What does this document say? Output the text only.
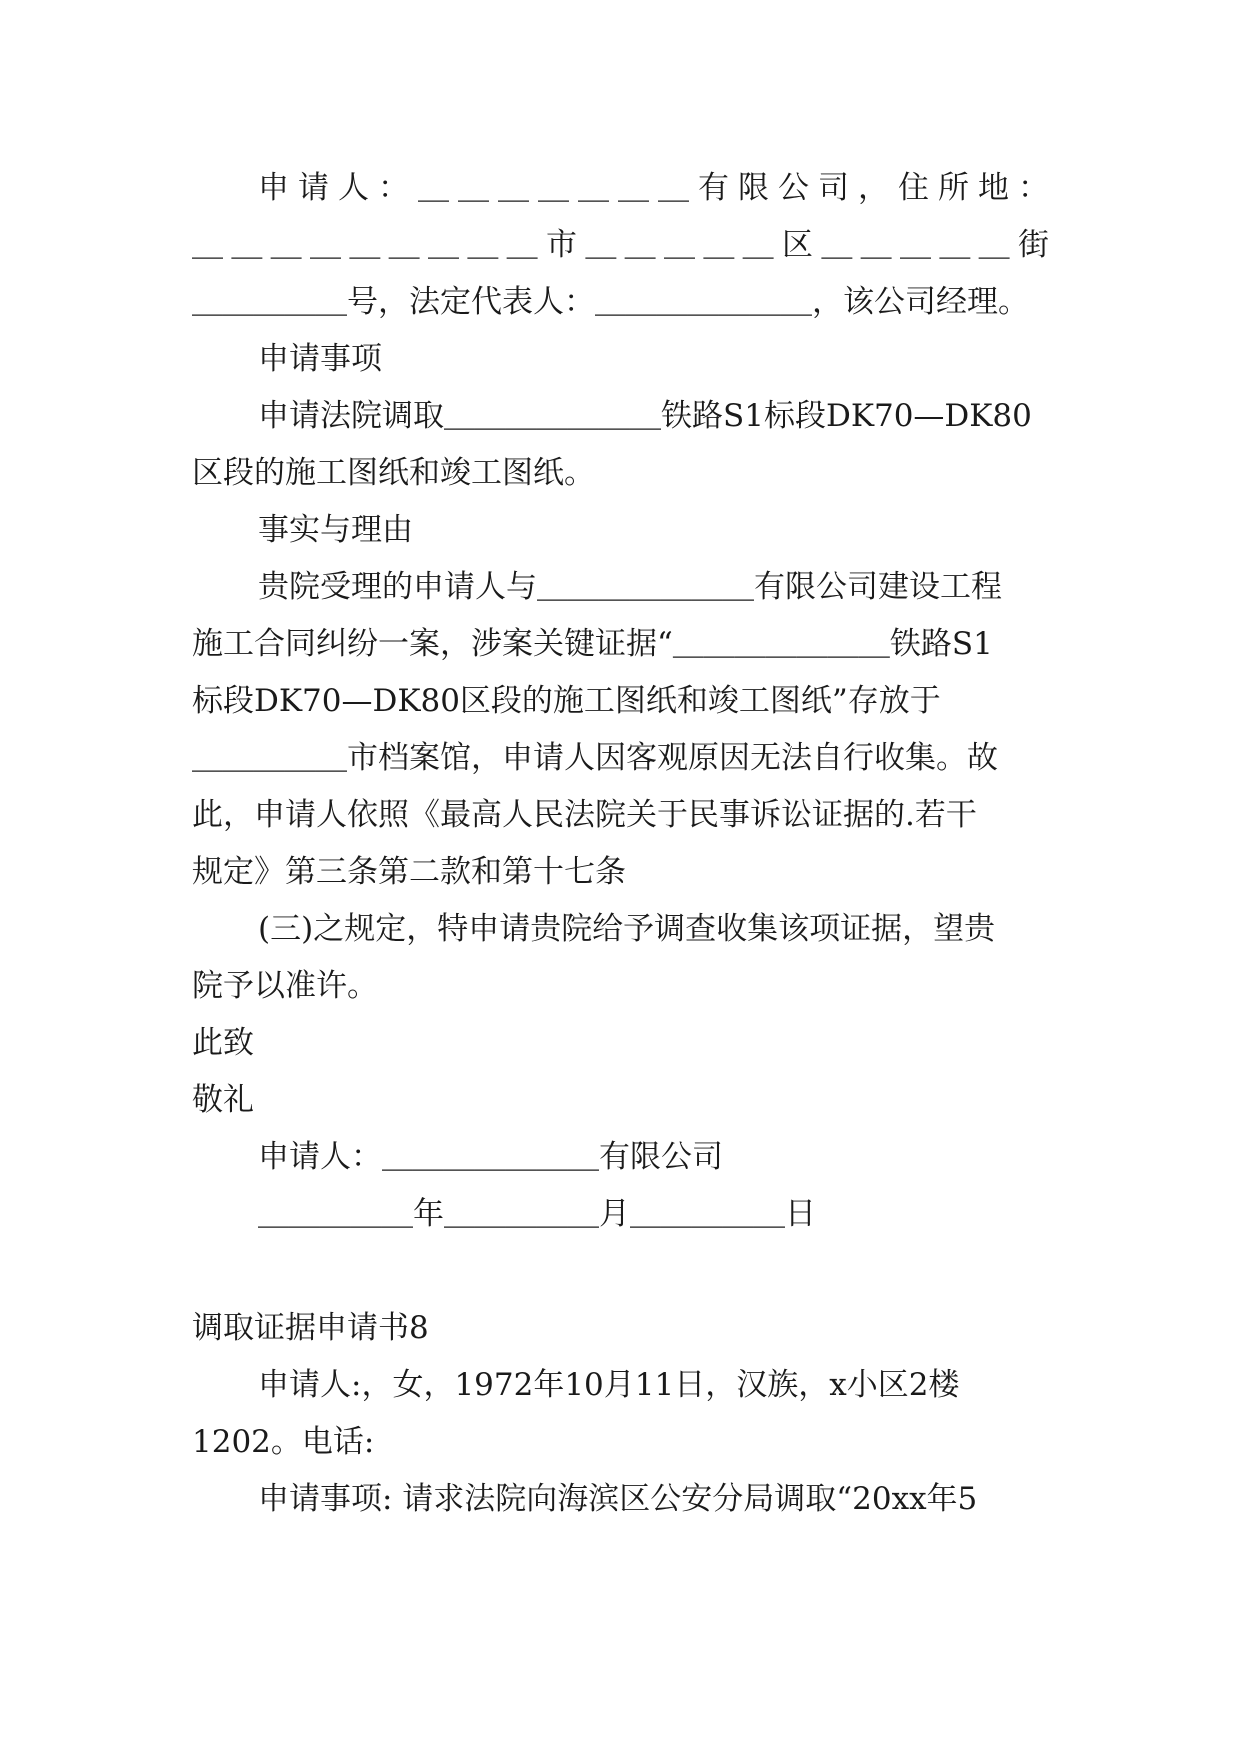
申请人：＿＿＿＿＿＿＿有限公司，住所地：
＿＿＿＿＿＿＿＿＿市＿＿＿＿＿区＿＿＿＿＿街
＿＿＿＿＿号，法定代表人：＿＿＿＿＿＿＿，该公司经理。
申请事项
申请法院调取＿＿＿＿＿＿＿铁路S1标段DK70—DK80
区段的施工图纸和竣工图纸。
事实与理由
贵院受理的申请人与＿＿＿＿＿＿＿有限公司建设工程
施工合同纠纷一案，涉案关键证据“＿＿＿＿＿＿＿铁路S1
标段DK70—DK80区段的施工图纸和竣工图纸”存放于
＿＿＿＿＿市档案馆，申请人因客观原因无法自行收集。故
此，申请人依照《最高人民法院关于民事诉讼证据的.若干
规定》第三条第二款和第十七条
(三)之规定，特申请贵院给予调查收集该项证据，望贵
院予以准许。
此致
敬礼
申请人：＿＿＿＿＿＿＿有限公司
＿＿＿＿＿年＿＿＿＿＿月＿＿＿＿＿日
调取证据申请书8
申请人:，女，1972年10月11日，汉族，x小区2楼
1202。电话:
申请事项: 请求法院向海滨区公安分局调取“20xx年5
